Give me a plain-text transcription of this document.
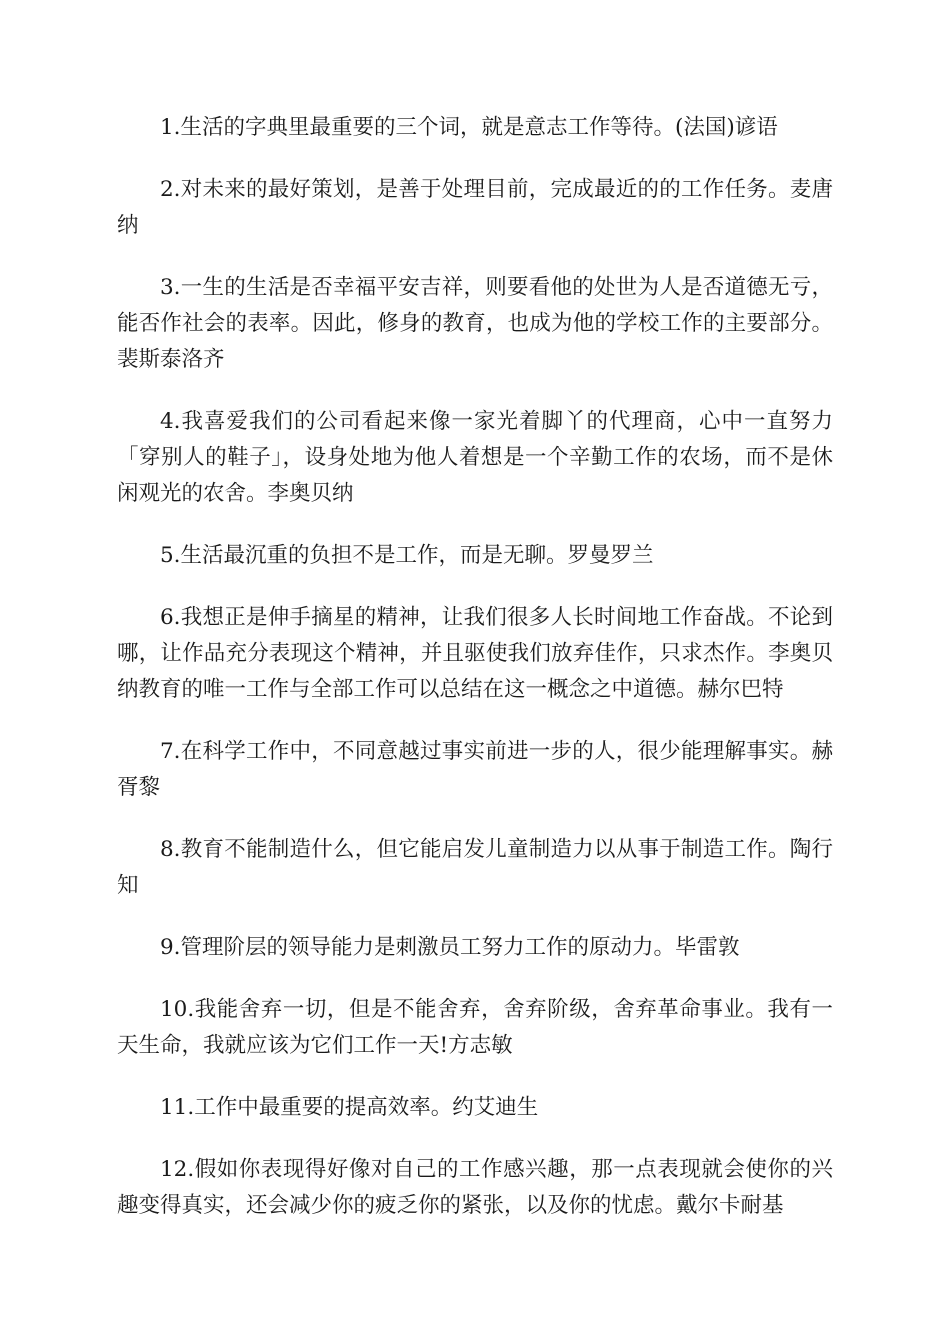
1.生活的字典里最重要的三个词，就是意志工作等待。(法国)谚语

2.对未来的最好策划，是善于处理目前，完成最近的的工作任务。麦唐纳

3.一生的生活是否幸福平安吉祥，则要看他的处世为人是否道德无亏，能否作社会的表率。因此，修身的教育，也成为他的学校工作的主要部分。裴斯泰洛齐

4.我喜爱我们的公司看起来像一家光着脚丫的代理商，心中一直努力「穿别人的鞋子」，设身处地为他人着想是一个辛勤工作的农场，而不是休闲观光的农舍。李奥贝纳

5.生活最沉重的负担不是工作，而是无聊。罗曼罗兰

6.我想正是伸手摘星的精神，让我们很多人长时间地工作奋战。不论到哪，让作品充分表现这个精神，并且驱使我们放弃佳作，只求杰作。李奥贝纳教育的唯一工作与全部工作可以总结在这一概念之中道德。赫尔巴特

7.在科学工作中，不同意越过事实前进一步的人，很少能理解事实。赫胥黎

8.教育不能制造什么，但它能启发儿童制造力以从事于制造工作。陶行知

9.管理阶层的领导能力是刺激员工努力工作的原动力。毕雷敦

10.我能舍弃一切，但是不能舍弃，舍弃阶级，舍弃革命事业。我有一天生命，我就应该为它们工作一天!方志敏

11.工作中最重要的提高效率。约艾迪生

12.假如你表现得好像对自己的工作感兴趣，那一点表现就会使你的兴趣变得真实，还会减少你的疲乏你的紧张，以及你的忧虑。戴尔卡耐基
